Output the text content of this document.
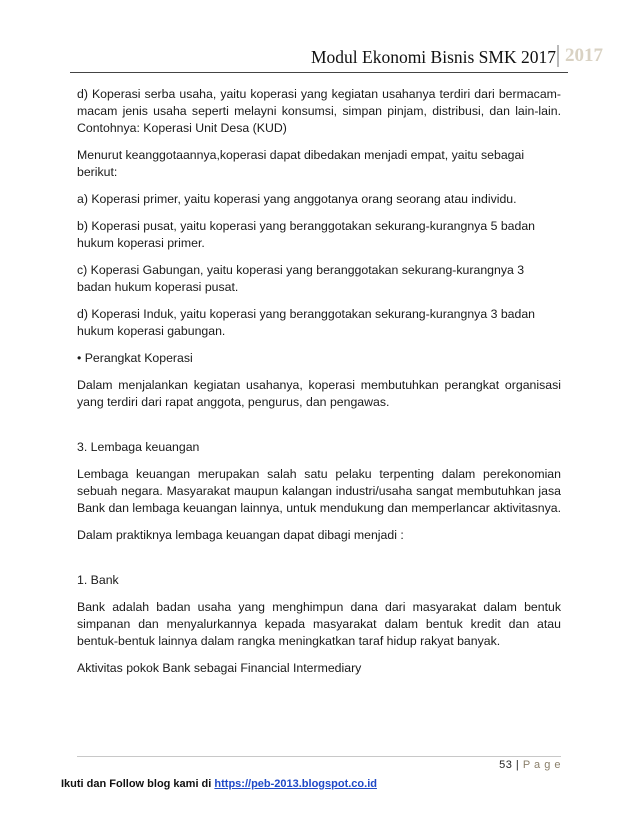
Modul Ekonomi Bisnis SMK 2017 2017

d) Koperasi serba usaha, yaitu koperasi yang kegiatan usahanya terdiri dari bermacam-macam jenis usaha seperti melayni konsumsi, simpan pinjam, distribusi, dan lain-lain. Contohnya: Koperasi Unit Desa (KUD)

Menurut keanggotaannya,koperasi dapat dibedakan menjadi empat, yaitu sebagai berikut:

a) Koperasi primer, yaitu koperasi yang anggotanya orang seorang atau individu.

b) Koperasi pusat, yaitu koperasi yang beranggotakan sekurang-kurangnya 5 badan hukum koperasi primer.

c) Koperasi Gabungan, yaitu koperasi yang beranggotakan sekurang-kurangnya 3 badan hukum koperasi pusat.

d) Koperasi Induk, yaitu koperasi yang beranggotakan sekurang-kurangnya 3 badan hukum koperasi gabungan.

• Perangkat Koperasi

Dalam menjalankan kegiatan usahanya, koperasi membutuhkan perangkat organisasi yang terdiri dari rapat anggota, pengurus, dan pengawas.

3. Lembaga keuangan

Lembaga keuangan merupakan salah satu pelaku terpenting dalam perekonomian sebuah negara. Masyarakat maupun kalangan industri/usaha sangat membutuhkan jasa Bank dan lembaga keuangan lainnya, untuk mendukung dan memperlancar aktivitasnya.

Dalam praktiknya lembaga keuangan dapat dibagi menjadi :

1. Bank

Bank adalah badan usaha yang menghimpun dana dari masyarakat dalam bentuk simpanan dan menyalurkannya kepada masyarakat dalam bentuk kredit dan atau bentuk-bentuk lainnya dalam rangka meningkatkan taraf hidup rakyat banyak.

Aktivitas pokok Bank sebagai Financial Intermediary

53 | P a g e
Ikuti dan Follow blog kami di https://peb-2013.blogspot.co.id
